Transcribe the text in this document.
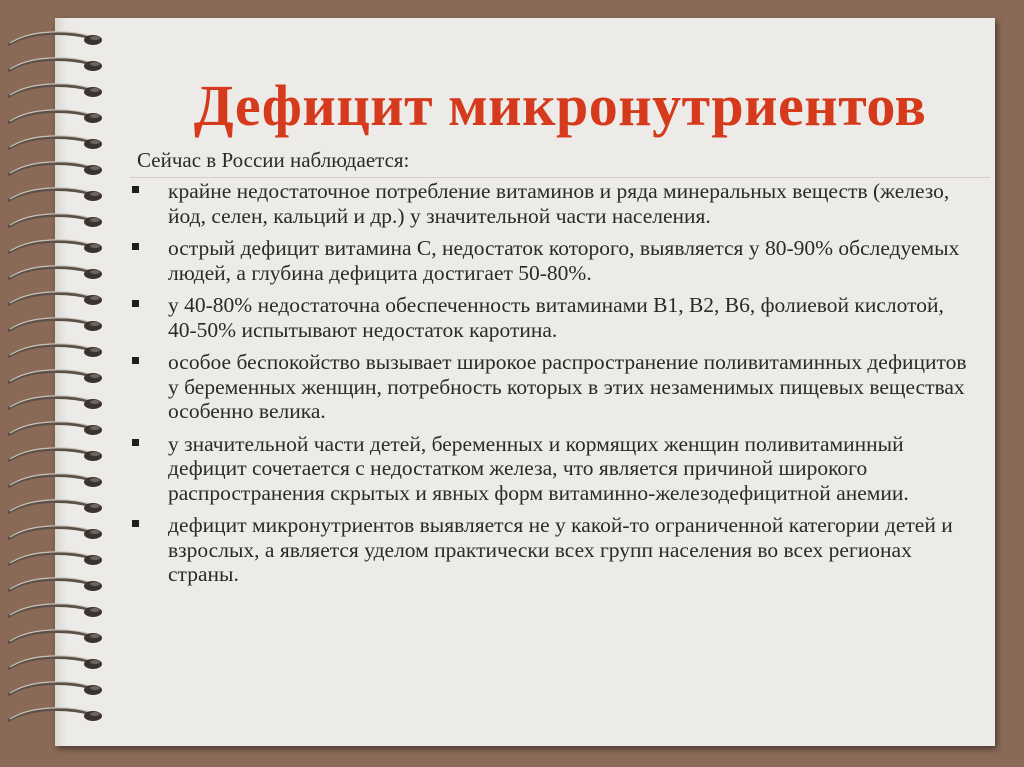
Дефицит микронутриентов

Сейчас в России наблюдается:

крайне недостаточное потребление витаминов и ряда минеральных веществ (железо, йод, селен, кальций и др.) у значительной части населения.
острый дефицит витамина С, недостаток которого, выявляется у 80-90% обследуемых людей, а глубина дефицита достигает 50-80%.
у 40-80% недостаточна обеспеченность витаминами В1, В2, В6, фолиевой кислотой, 40-50% испытывают недостаток каротина.
особое беспокойство вызывает широкое распространение поливитаминных дефицитов у беременных женщин, потребность которых в этих незаменимых пищевых веществах особенно велика.
у значительной части детей, беременных и кормящих женщин поливитаминный дефицит сочетается с недостатком железа, что является причиной широкого распространения скрытых и явных форм витаминно-железодефицитной анемии.
дефицит микронутриентов выявляется не у какой-то ограниченной категории детей и взрослых, а является уделом практически всех групп населения во всех регионах страны.
